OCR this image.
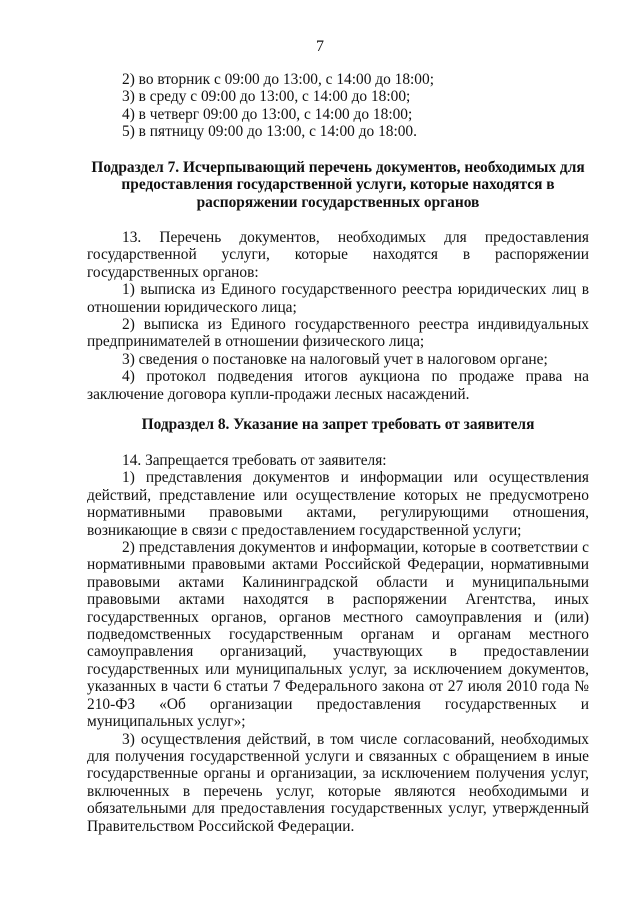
7

2) во вторник с 09:00 до 13:00, с 14:00 до 18:00;

3) в среду с 09:00 до 13:00, с 14:00 до 18:00;

4) в четверг 09:00 до 13:00, с 14:00 до 18:00;

5) в пятницу 09:00 до 13:00, с 14:00 до 18:00.

Подраздел 7. Исчерпывающий перечень документов, необходимых для предоставления государственной услуги, которые находятся в распоряжении государственных органов

13. Перечень документов, необходимых для предоставления государственной услуги, которые находятся в распоряжении государственных органов:

1) выписка из Единого государственного реестра юридических лиц в отношении юридического лица;

2) выписка из Единого государственного реестра индивидуальных предпринимателей в отношении физического лица;

3) сведения о постановке на налоговый учет в налоговом органе;

4) протокол подведения итогов аукциона по продаже права на заключение договора купли-продажи лесных насаждений.

Подраздел 8. Указание на запрет требовать от заявителя

14. Запрещается требовать от заявителя:

1) представления документов и информации или осуществления действий, представление или осуществление которых не предусмотрено нормативными правовыми актами, регулирующими отношения, возникающие в связи с предоставлением государственной услуги;

2) представления документов и информации, которые в соответствии с нормативными правовыми актами Российской Федерации, нормативными правовыми актами Калининградской области и муниципальными правовыми актами находятся в распоряжении Агентства, иных государственных органов, органов местного самоуправления и (или) подведомственных государственным органам и органам местного самоуправления организаций, участвующих в предоставлении государственных или муниципальных услуг, за исключением документов, указанных в части 6 статьи 7 Федерального закона от 27 июля 2010 года № 210-ФЗ «Об организации предоставления государственных и муниципальных услуг»;

3) осуществления действий, в том числе согласований, необходимых для получения государственной услуги и связанных с обращением в иные государственные органы и организации, за исключением получения услуг, включенных в перечень услуг, которые являются необходимыми и обязательными для предоставления государственных услуг, утвержденный Правительством Российской Федерации.
